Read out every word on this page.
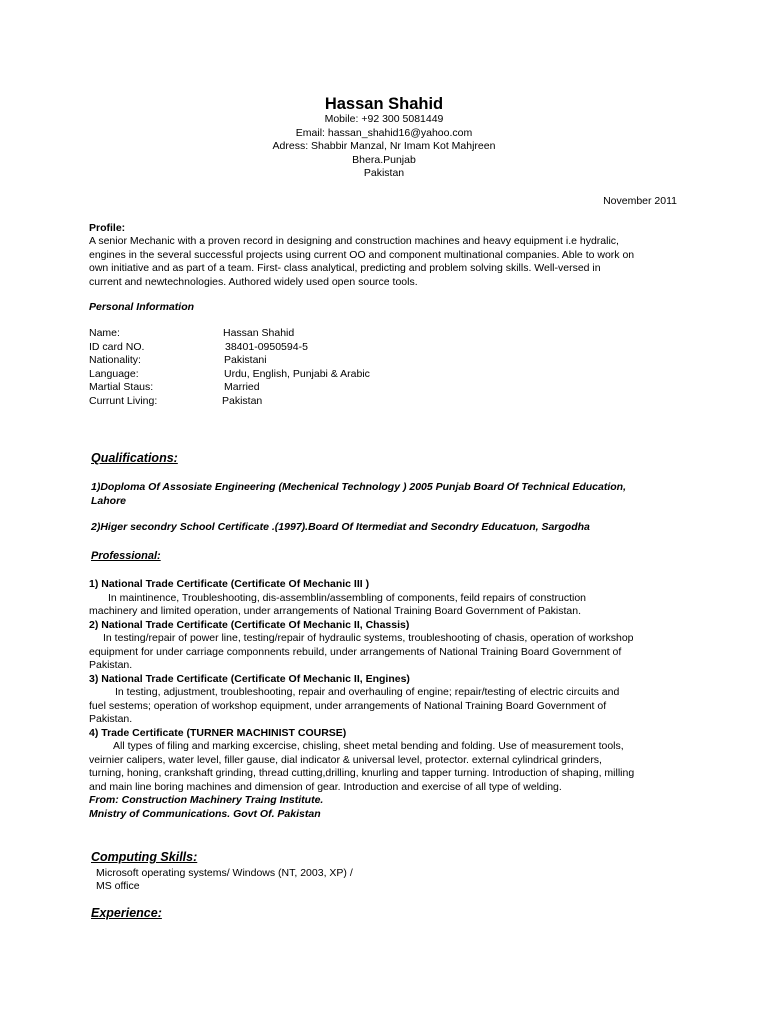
Hassan Shahid
Mobile: +92 300 5081449
Email: hassan_shahid16@yahoo.com
Adress: Shabbir Manzal, Nr Imam Kot Mahjreen
Bhera.Punjab
Pakistan
November 2011
Profile:

A senior Mechanic with a proven record in designing and construction machines and heavy equipment i.e hydralic,

engines in the several successful projects using current OO and component multinational companies. Able to work on

own initiative and as part of a team. First- class analytical, predicting and problem solving skills. Well-versed in

current and newtechnologies. Authored widely used open source tools.

Personal Information
Name:	Hassan Shahid
ID card NO.	38401-0950594-5
Nationality:	Pakistani
Language:	Urdu, English, Punjabi & Arabic
Martial Staus:	Married
Currunt Living:	Pakistan
Qualifications:

1)Doploma Of Assosiate Engineering (Mechenical Technology ) 2005 Punjab Board Of Technical Education,

Lahore

2)Higer secondry School Certificate .(1997).Board Of Itermediat and Secondry Educatuon, Sargodha
Professional:

1) National Trade Certificate (Certificate Of Mechanic III )

In maintinence, Troubleshooting, dis-assemblin/assembling of components, feild repairs of construction

machinery and limited operation, under arrangements of National Training Board Government of Pakistan.

2) National Trade Certificate (Certificate Of Mechanic II, Chassis)

In testing/repair of power line, testing/repair of hydraulic systems, troubleshooting of chasis, operation of workshop

equipment for under carriage componnents rebuild, under arrangements of National Training Board Government of

Pakistan.

3) National Trade Certificate (Certificate Of Mechanic II, Engines)

In testing, adjustment, troubleshooting, repair and overhauling of engine; repair/testing of electric circuits and

fuel sestems; operation of workshop equipment, under arrangements of National Training Board Government of

Pakistan.

4) Trade Certificate (TURNER MACHINIST COURSE)

All types of filing and marking excercise, chisling, sheet metal bending and folding. Use of measurement tools,

veirnier calipers, water level, filler gause, dial indicator & universal level, protector. external cylindrical grinders,

turning, honing, crankshaft grinding, thread cutting,drilling, knurling and tapper turning. Introduction of shaping, milling

and main line boring machines and dimension of gear. Introduction and exercise of all type of welding.

From: Construction Machinery Traing Institute.

Mnistry of Communications. Govt Of. Pakistan

Computing Skills:
Microsoft operating systems/ Windows (NT, 2003, XP) /
MS office
Experience:
